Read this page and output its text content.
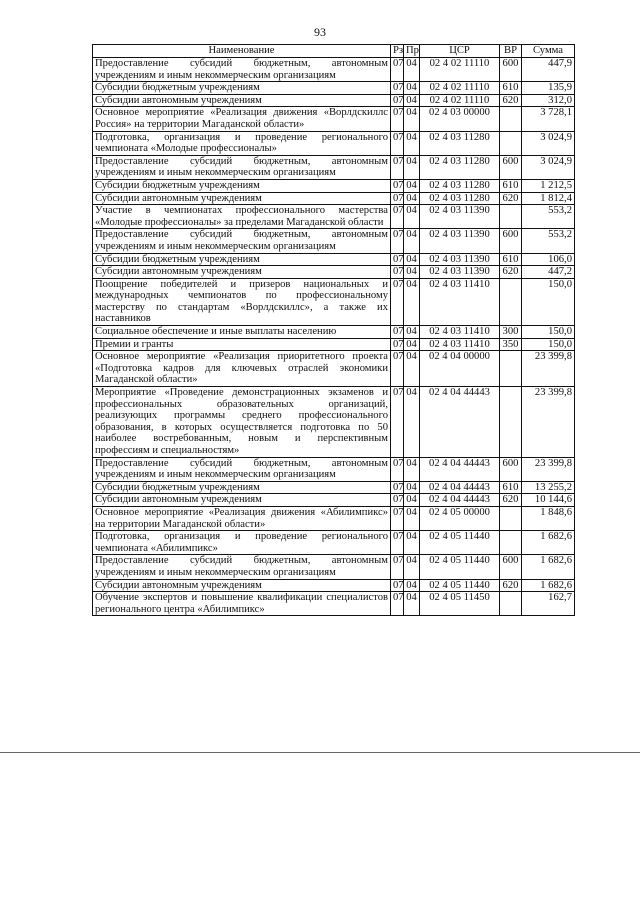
93
Наименование	Рз	Пр	ЦСР	ВР	Сумма
Предоставление субсидий бюджетным, автономным учреждениям и иным некоммерческим организациям	07	04	02 4 02 11110	600	447,9
Субсидии бюджетным учреждениям	07	04	02 4 02 11110	610	135,9
Субсидии автономным учреждениям	07	04	02 4 02 11110	620	312,0
Основное мероприятие «Реализация движения «Ворлдскиллс Россия» на территории Магаданской области»	07	04	02 4 03 00000		3 728,1
Подготовка, организация и проведение регионального чемпионата «Молодые профессионалы»	07	04	02 4 03 11280		3 024,9
Предоставление субсидий бюджетным, автономным учреждениям и иным некоммерческим организациям	07	04	02 4 03 11280	600	3 024,9
Субсидии бюджетным учреждениям	07	04	02 4 03 11280	610	1 212,5
Субсидии автономным учреждениям	07	04	02 4 03 11280	620	1 812,4
Участие в чемпионатах профессионального мастерства «Молодые профессионалы» за пределами Магаданской области	07	04	02 4 03 11390		553,2
Предоставление субсидий бюджетным, автономным учреждениям и иным некоммерческим организациям	07	04	02 4 03 11390	600	553,2
Субсидии бюджетным учреждениям	07	04	02 4 03 11390	610	106,0
Субсидии автономным учреждениям	07	04	02 4 03 11390	620	447,2
Поощрение победителей и призеров национальных и международных чемпионатов по профессиональному мастерству по стандартам «Ворлдскиллс», а также их наставников	07	04	02 4 03 11410		150,0
Социальное обеспечение и иные выплаты населению	07	04	02 4 03 11410	300	150,0
Премии и гранты	07	04	02 4 03 11410	350	150,0
Основное мероприятие «Реализация приоритетного проекта «Подготовка кадров для ключевых отраслей экономики Магаданской области»	07	04	02 4 04 00000		23 399,8
Мероприятие «Проведение демонстрационных экзаменов и профессиональных образовательных организаций, реализующих программы среднего профессионального образования, в которых осуществляется подготовка по 50 наиболее востребованным, новым и перспективным профессиям и специальностям»	07	04	02 4 04 44443		23 399,8
Предоставление субсидий бюджетным, автономным учреждениям и иным некоммерческим организациям	07	04	02 4 04 44443	600	23 399,8
Субсидии бюджетным учреждениям	07	04	02 4 04 44443	610	13 255,2
Субсидии автономным учреждениям	07	04	02 4 04 44443	620	10 144,6
Основное мероприятие «Реализация движения «Абилимпикс» на территории Магаданской области»	07	04	02 4 05 00000		1 848,6
Подготовка, организация и проведение регионального чемпионата «Абилимпикс»	07	04	02 4 05 11440		1 682,6
Предоставление субсидий бюджетным, автономным учреждениям и иным некоммерческим организациям	07	04	02 4 05 11440	600	1 682,6
Субсидии автономным учреждениям	07	04	02 4 05 11440	620	1 682,6
Обучение экспертов и повышение квалификации специалистов регионального центра «Абилимпикс»	07	04	02 4 05 11450		162,7
